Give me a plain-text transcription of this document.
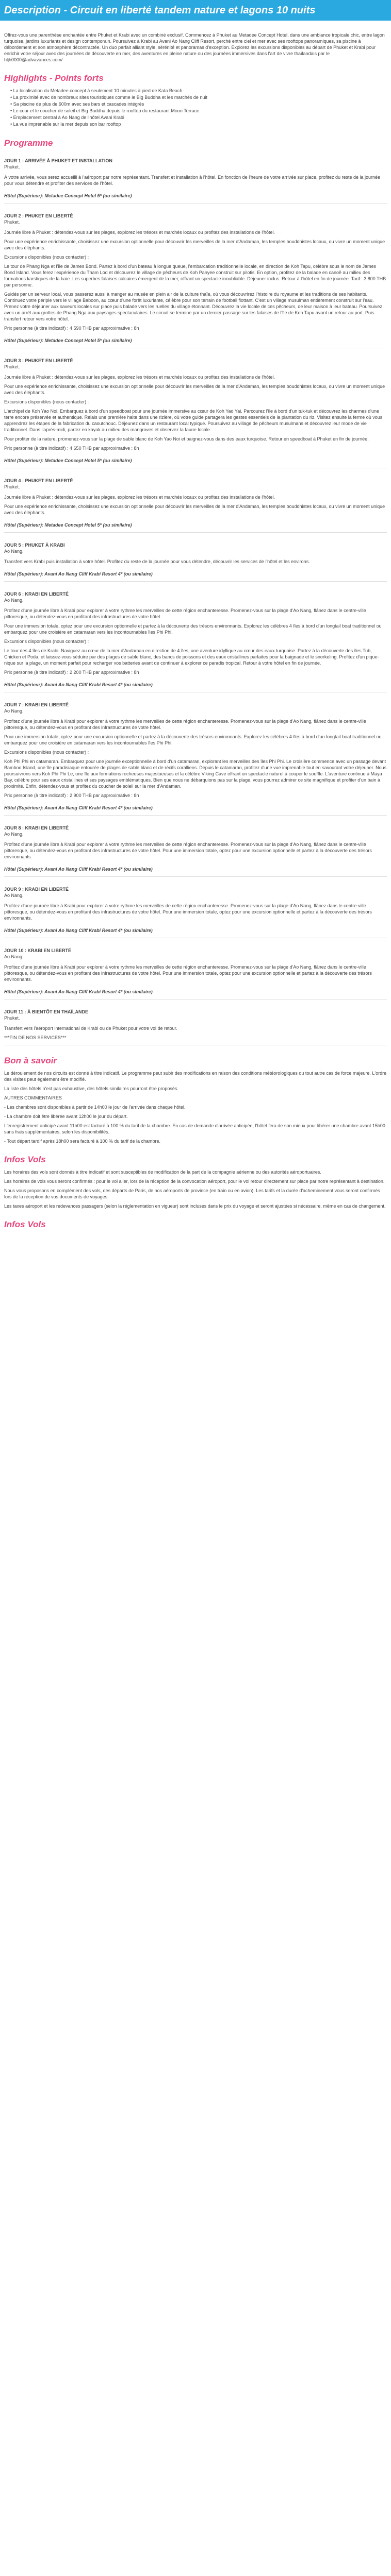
Description - Circuit en liberté tandem nature et lagons 10 nuits
Offrez-vous une parenthèse enchantée entre Phuket et Krabi avec un combiné exclusif. Commencez à Phuket au Metadee Concept Hotel, dans une ambiance tropicale chic, entre lagon turquoise, jardins luxuriants et design contemporain. Poursuivez à Krabi au Avani Ao Nang Cliff Resort, perché entre ciel et mer avec ses rooftops panoramiques, sa piscine à débordement et son atmosphère décontractée. Un duo parfait alliant style, sérénité et panoramas d'exception. Explorez les excursions disponibles au départ de Phuket et Krabi pour enrichir votre séjour avec des journées de découverte en mer, des aventures en pleine nature ou des journées immersives dans l'art de vivre thaïlandais par le hljh0000@advavances.com/
Highlights - Points forts
• La localisation du Metadee concept à seulement 10 minutes à pied de Kata Beach
• La proximité avec de nombreux sites touristiques comme le Big Buddha et les marchés de nuit
• Sa piscine de plus de 600m avec ses bars et cascades intégrés
• Le cour et le coucher de soleil et Big Buddha depuis le rooftop du restaurant Moon Terrace
• Emplacement central à Ao Nang de l'hôtel Avani Krabi
• La vue imprenable sur la mer depuis son bar rooftop
Programme
JOUR 1 : ARRIVÉE À PHUKET ET INSTALLATION
Phuket.

À votre arrivée, vous serez accueilli à l'aéroport par notre représentant. Transfert et installation à l'hôtel. En fonction de l'heure de votre arrivée sur place, profitez du reste de la journée pour vous détendre et profiter des services de l'hôtel.

Hôtel (Supérieur): Metadee Concept Hotel 5* (ou similaire)
JOUR 2 : PHUKET EN LIBERTÉ
Phuket.

Journée libre à Phuket : détendez-vous sur les plages, explorez les trésors et marchés locaux ou profitez des installations de l'hôtel.

Pour une expérience enrichissante, choisissez une excursion optionnelle pour découvrir les merveilles de la mer d'Andaman, les temples bouddhistes locaux, ou vivre un moment unique avec des éléphants.

Excursions disponibles (nous contacter) :

Le tour de Phang Nga et l'île de James Bond. Partez à bord d'un bateau à longue queue, l'embarcation traditionnelle locale, en direction de Koh Tapu, célèbre sous le nom de James Bond Island. Vous ferez l'expérience du Tham Lod et découvrez le village de pêcheurs de Koh Panyee construit sur pilotis. En option, profitez de la balade en canoë au milieu des formations karstiques de la baie. Les superbes falaises calcaires émergent de la mer, offrant un spectacle inoubliable. Déjeuner inclus. Retour à l'hôtel en fin de journée. Tarif : 3 800 THB par personne.

Guidés par un serveur local, vous passerez aussi à manger au musée en plein air de la culture thaïe, où vous découvrirez l'histoire du royaume et les traditions de ses habitants. Continuez votre périple vers le village Baboon, au cœur d'une forêt luxuriante, célèbre pour son terrain de football flottant. C'est un village musulman entièrement construit sur l'eau. Prenez votre déjeuner aux saveurs locales sur place puis balade vers les ruelles du village étonnant. Découvrez la vie locale de ces pêcheurs, de leur maison à leur bateau. Poursuivez avec un arrêt aux grottes de Phang Nga aux paysages spectaculaires. Le circuit se termine par un dernier passage sur les falaises de l'île de Koh Tapu avant un retour au port. Puis transfert retour vers votre hôtel.

Prix personne (à titre indicatif) : 4 590 THB par approximative : 8h

Hôtel (Supérieur): Metadee Concept Hotel 5* (ou similaire)
JOUR 3 : PHUKET EN LIBERTÉ
Phuket.

Journée libre à Phuket : détendez-vous sur les plages, explorez les trésors et marchés locaux ou profitez des installations de l'hôtel.

Pour une expérience enrichissante, choisissez une excursion optionnelle pour découvrir les merveilles de la mer d'Andaman, les temples bouddhistes locaux, ou vivre un moment unique avec des éléphants.

Excursions disponibles (nous contacter) :

L'archipel de Koh Yao Noi. Embarquez à bord d'un speedboat pour une journée immersive au cœur de Koh Yao Yai. Parcourez l'île à bord d'un tuk-tuk et découvrez les charmes d'une terre encore préservée et authentique. Relais une première halte dans une rizière, où votre guide partagera les gestes essentiels de la plantation du riz. Visitez ensuite la ferme où vous apprendrez les étapes de la fabrication du caoutchouc. Déjeunez dans un restaurant local typique. Poursuivez au village de pêcheurs musulmans et découvrez leur mode de vie traditionnel. Dans l'après-midi, partez en kayak au milieu des mangroves et observez la faune locale.

Pour profiter de la nature, promenez-vous sur la plage de sable blanc de Koh Yao Noi et baignez-vous dans des eaux turquoise. Retour en speedboat à Phuket en fin de journée.

Prix personne (à titre indicatif) : 4 650 THB par approximative : 8h

Hôtel (Supérieur): Metadee Concept Hotel 5* (ou similaire)
JOUR 4 : PHUKET EN LIBERTÉ
Phuket.

Journée libre à Phuket : détendez-vous sur les plages, explorez les trésors et marchés locaux ou profitez des installations de l'hôtel.

Pour une expérience enrichissante, choisissez une excursion optionnelle pour découvrir les merveilles de la mer d'Andaman, les temples bouddhistes locaux, ou vivre un moment unique avec des éléphants.

Hôtel (Supérieur): Metadee Concept Hotel 5* (ou similaire)
JOUR 5 : PHUKET À KRABI
Ao Nang.

Transfert vers Krabi puis installation à votre hôtel. Profitez du reste de la journée pour vous détendre, découvrir les services de l'hôtel et les environs.

Hôtel (Supérieur): Avani Ao Nang Cliff Krabi Resort 4* (ou similaire)
JOUR 6 : KRABI EN LIBERTÉ
Ao Nang.

Profitez d'une journée libre à Krabi pour explorer à votre rythme les merveilles de cette région enchanteresse. Promenez-vous sur la plage d'Ao Nang, flânez dans le centre-ville pittoresque, ou détendez-vous en profitant des infrastructures de votre hôtel.

Pour une immersion totale, optez pour une excursion optionnelle et partez à la découverte des trésors environnants. Explorez les célèbres 4 îles à bord d'un longtail boat traditionnel ou embarquez pour une croisière en catamaran vers les incontournables îles Phi Phi.

Excursions disponibles (nous contacter) :

Le tour des 4 îles de Krabi. Naviguez au cœur de la mer d'Andaman en direction de 4 îles, une aventure idyllique au cœur des eaux turquoise. Partez à la découverte des îles Tub, Chicken et Poda, et laissez-vous séduire par des plages de sable blanc, des bancs de poissons et des eaux cristallines parfaites pour la baignade et le snorkeling. Profitez d'un pique-nique sur la plage, un moment parfait pour recharger vos batteries avant de continuer à explorer ce paradis tropical. Retour à votre hôtel en fin de journée.

Prix personne (à titre indicatif) : 2 200 THB par approximative : 8h

Hôtel (Supérieur): Avani Ao Nang Cliff Krabi Resort 4* (ou similaire)
JOUR 7 : KRABI EN LIBERTÉ
Ao Nang.

Profitez d'une journée libre à Krabi pour explorer à votre rythme les merveilles de cette région enchanteresse. Promenez-vous sur la plage d'Ao Nang, flânez dans le centre-ville pittoresque, ou détendez-vous en profitant des infrastructures de votre hôtel.

Pour une immersion totale, optez pour une excursion optionnelle et partez à la découverte des trésors environnants. Explorez les célèbres 4 îles à bord d'un longtail boat traditionnel ou embarquez pour une croisière en catamaran vers les incontournables îles Phi Phi.

Excursions disponibles (nous contacter) :

Koh Phi Phi en catamaran. Embarquez pour une journée exceptionnelle à bord d'un catamaran, explorant les merveilles des îles Phi Phi. Le croisière commence avec un passage devant Bamboo Island, une île paradisiaque entourée de plages de sable blanc et de récifs coralliens. Depuis le catamaran, profitez d'une vue imprenable tout en savourant votre déjeuner. Nous poursuivrons vers Koh Phi Phi Le, une île aux formations rocheuses majestueuses et la célèbre Viking Cave offrant un spectacle naturel à couper le souffle. L'aventure continue à Maya Bay, célèbre pour ses eaux cristallines et ses paysages emblématiques. Bien que nous ne débarquions pas sur la plage, vous pourrez admirer ce site magnifique et profiter d'un bain à proximité. Enfin, détendez-vous et profitez du coucher de soleil sur la mer d'Andaman.

Prix personne (à titre indicatif) : 2 900 THB par approximative : 8h

Hôtel (Supérieur): Avani Ao Nang Cliff Krabi Resort 4* (ou similaire)
JOUR 8 : KRABI EN LIBERTÉ
Ao Nang.

Profitez d'une journée libre à Krabi pour explorer à votre rythme les merveilles de cette région enchanteresse. Promenez-vous sur la plage d'Ao Nang, flânez dans le centre-ville pittoresque, ou détendez-vous en profitant des infrastructures de votre hôtel. Pour une immersion totale, optez pour une excursion optionnelle et partez à la découverte des trésors environnants.

Hôtel (Supérieur): Avani Ao Nang Cliff Krabi Resort 4* (ou similaire)
JOUR 9 : KRABI EN LIBERTÉ
Ao Nang.

Profitez d'une journée libre à Krabi pour explorer à votre rythme les merveilles de cette région enchanteresse. Promenez-vous sur la plage d'Ao Nang, flânez dans le centre-ville pittoresque, ou détendez-vous en profitant des infrastructures de votre hôtel. Pour une immersion totale, optez pour une excursion optionnelle et partez à la découverte des trésors environnants.

Hôtel (Supérieur): Avani Ao Nang Cliff Krabi Resort 4* (ou similaire)
JOUR 10 : KRABI EN LIBERTÉ
Ao Nang.

Profitez d'une journée libre à Krabi pour explorer à votre rythme les merveilles de cette région enchanteresse. Promenez-vous sur la plage d'Ao Nang, flânez dans le centre-ville pittoresque, ou détendez-vous en profitant des infrastructures de votre hôtel. Pour une immersion totale, optez pour une excursion optionnelle et partez à la découverte des trésors environnants.

Hôtel (Supérieur): Avani Ao Nang Cliff Krabi Resort 4* (ou similaire)
JOUR 11 : À BIENTÔT EN THAÏLANDE
Phuket.

Transfert vers l'aéroport international de Krabi ou de Phuket pour votre vol de retour.

***FIN DE NOS SERVICES***

Bon à savoir

Le déroulement de nos circuits est donné à titre indicatif. Le programme peut subir des modifications en raison des conditions météorologiques ou tout autre cas de force majeure. L'ordre des visites peut également être modifié.

La liste des hôtels n'est pas exhaustive, des hôtels similaires pourront être proposés.

AUTRES COMMENTAIRES

- Les chambres sont disponibles à partir de 14h00 le jour de l'arrivée dans chaque hôtel.

- La chambre doit être libérée avant 12h00 le jour du départ.

L'enregistrement anticipé avant 11h00 est facturé à 100 % du tarif de la chambre. En cas de demande d'arrivée anticipée, l'hôtel fera de son mieux pour libérer une chambre avant 15h00 sans frais supplémentaires, selon les disponibilités.

- Tout départ tardif après 18h00 sera facturé à 100 % du tarif de la chambre.

Infos Vols

Les horaires des vols sont donnés à titre indicatif et sont susceptibles de modification de la part de la compagnie aérienne ou des autorités aéroportuaires.

Les horaires de vols vous seront confirmés : pour le vol aller, lors de la réception de la convocation aéroport, pour le vol retour directement sur place par notre représentant à destination.

Nous vous proposons en complément des vols, des départs de Paris, de nos aéroports de province (en train ou en avion). Les tarifs et la durée d'acheminement vous seront confirmés lors de la réception de vos documents de voyages.

Les taxes aéroport et les redevances passagers (selon la réglementation en vigueur) sont incluses dans le prix du voyage et seront ajustées si nécessaire, même en cas de changement.

Infos Vols
